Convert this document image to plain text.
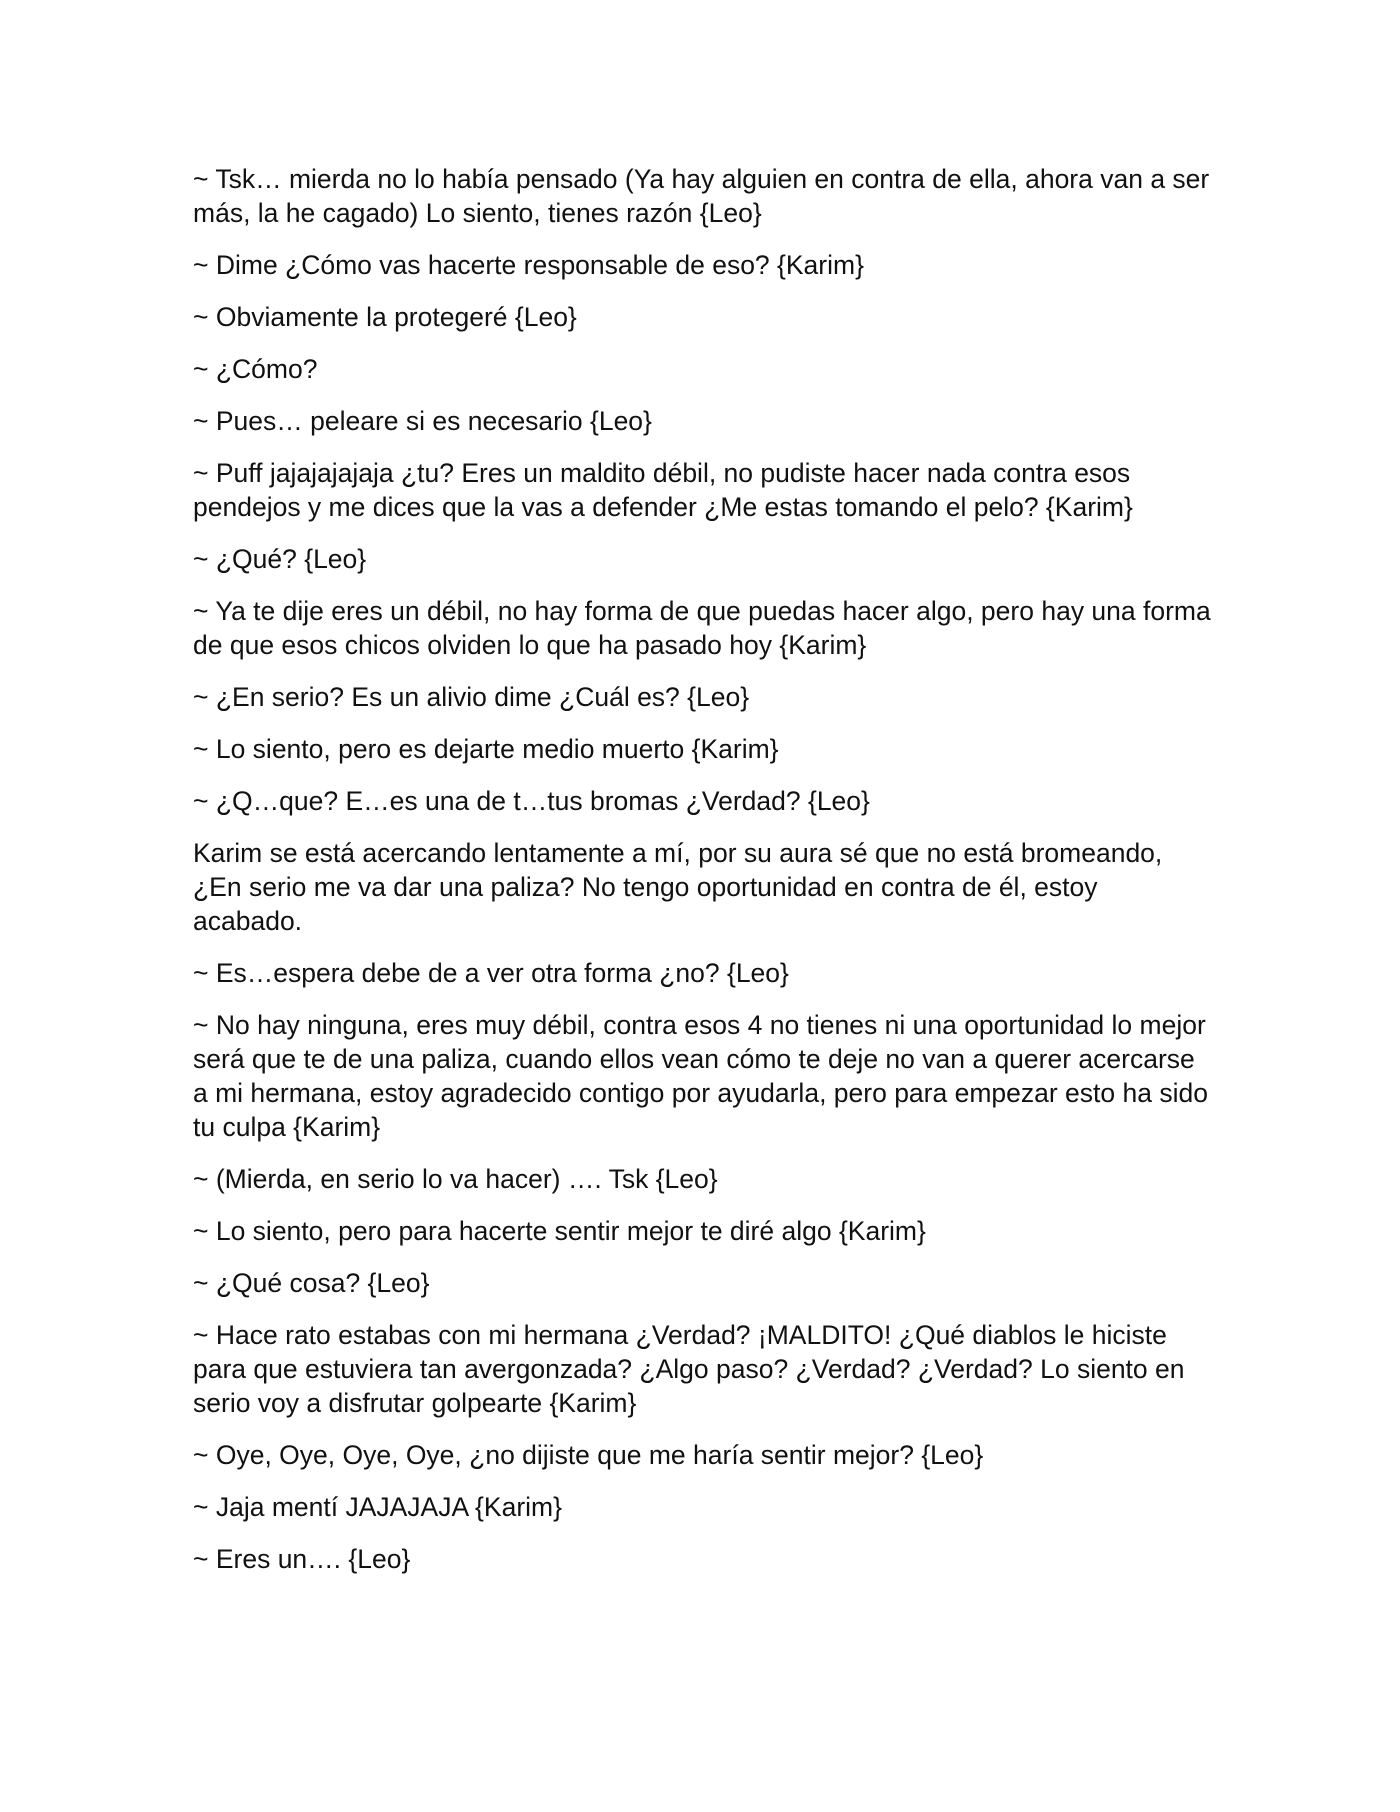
~ Tsk… mierda no lo había pensado (Ya hay alguien en contra de ella, ahora van a ser más, la he cagado) Lo siento, tienes razón {Leo}

~ Dime ¿Cómo vas hacerte responsable de eso? {Karim}

~ Obviamente la protegeré {Leo}

~ ¿Cómo?

~ Pues… peleare si es necesario {Leo}

~ Puff jajajajajaja ¿tu? Eres un maldito débil, no pudiste hacer nada contra esos pendejos y me dices que la vas a defender ¿Me estas tomando el pelo? {Karim}

~ ¿Qué? {Leo}

~ Ya te dije eres un débil, no hay forma de que puedas hacer algo, pero hay una forma de que esos chicos olviden lo que ha pasado hoy {Karim}

~ ¿En serio? Es un alivio dime ¿Cuál es? {Leo}

~ Lo siento, pero es dejarte medio muerto {Karim}

~ ¿Q…que? E…es una de t…tus bromas ¿Verdad? {Leo}

Karim se está acercando lentamente a mí, por su aura sé que no está bromeando, ¿En serio me va dar una paliza? No tengo oportunidad en contra de él, estoy acabado.

~ Es…espera debe de a ver otra forma ¿no? {Leo}

~ No hay ninguna, eres muy débil, contra esos 4 no tienes ni una oportunidad lo mejor será que te de una paliza, cuando ellos vean cómo te deje no van a querer acercarse a mi hermana, estoy agradecido contigo por ayudarla, pero para empezar esto ha sido tu culpa {Karim}

~ (Mierda, en serio lo va hacer) …. Tsk {Leo}

~ Lo siento, pero para hacerte sentir mejor te diré algo {Karim}

~ ¿Qué cosa? {Leo}

~ Hace rato estabas con mi hermana ¿Verdad? ¡MALDITO! ¿Qué diablos le hiciste para que estuviera tan avergonzada? ¿Algo paso? ¿Verdad? ¿Verdad? Lo siento en serio voy a disfrutar golpearte {Karim}

~ Oye, Oye, Oye, Oye, ¿no dijiste que me haría sentir mejor? {Leo}

~ Jaja mentí JAJAJAJA {Karim}

~ Eres un…. {Leo}
